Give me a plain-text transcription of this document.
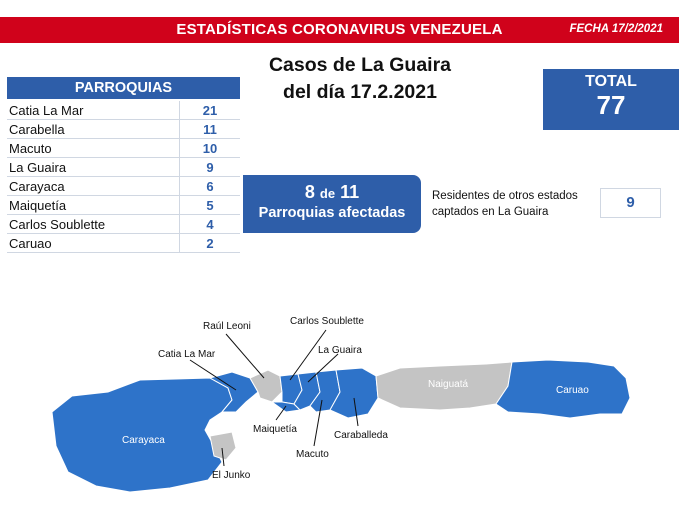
ESTADÍSTICAS CORONAVIRUS VENEZUELA	FECHA 17/2/2021
Casos de La Guaira
del día 17.2.2021	TOTAL
77
PARROQUIAS
Catia La Mar	21
Carabella	11
Macuto	10
La Guaira	9
Carayaca	6
Maiquetía	5
Carlos Soublette	4
Caruao	2
8 de 11
Parroquias afectadas
Residentes de otros estados captados en La Guaira
9
Raúl Leoni	Carlos Soublette
Catia La Mar	La Guaira
Naiguatá
Caruao
Carayaca
Maiquetía
Caraballeda
Macuto
El Junko
